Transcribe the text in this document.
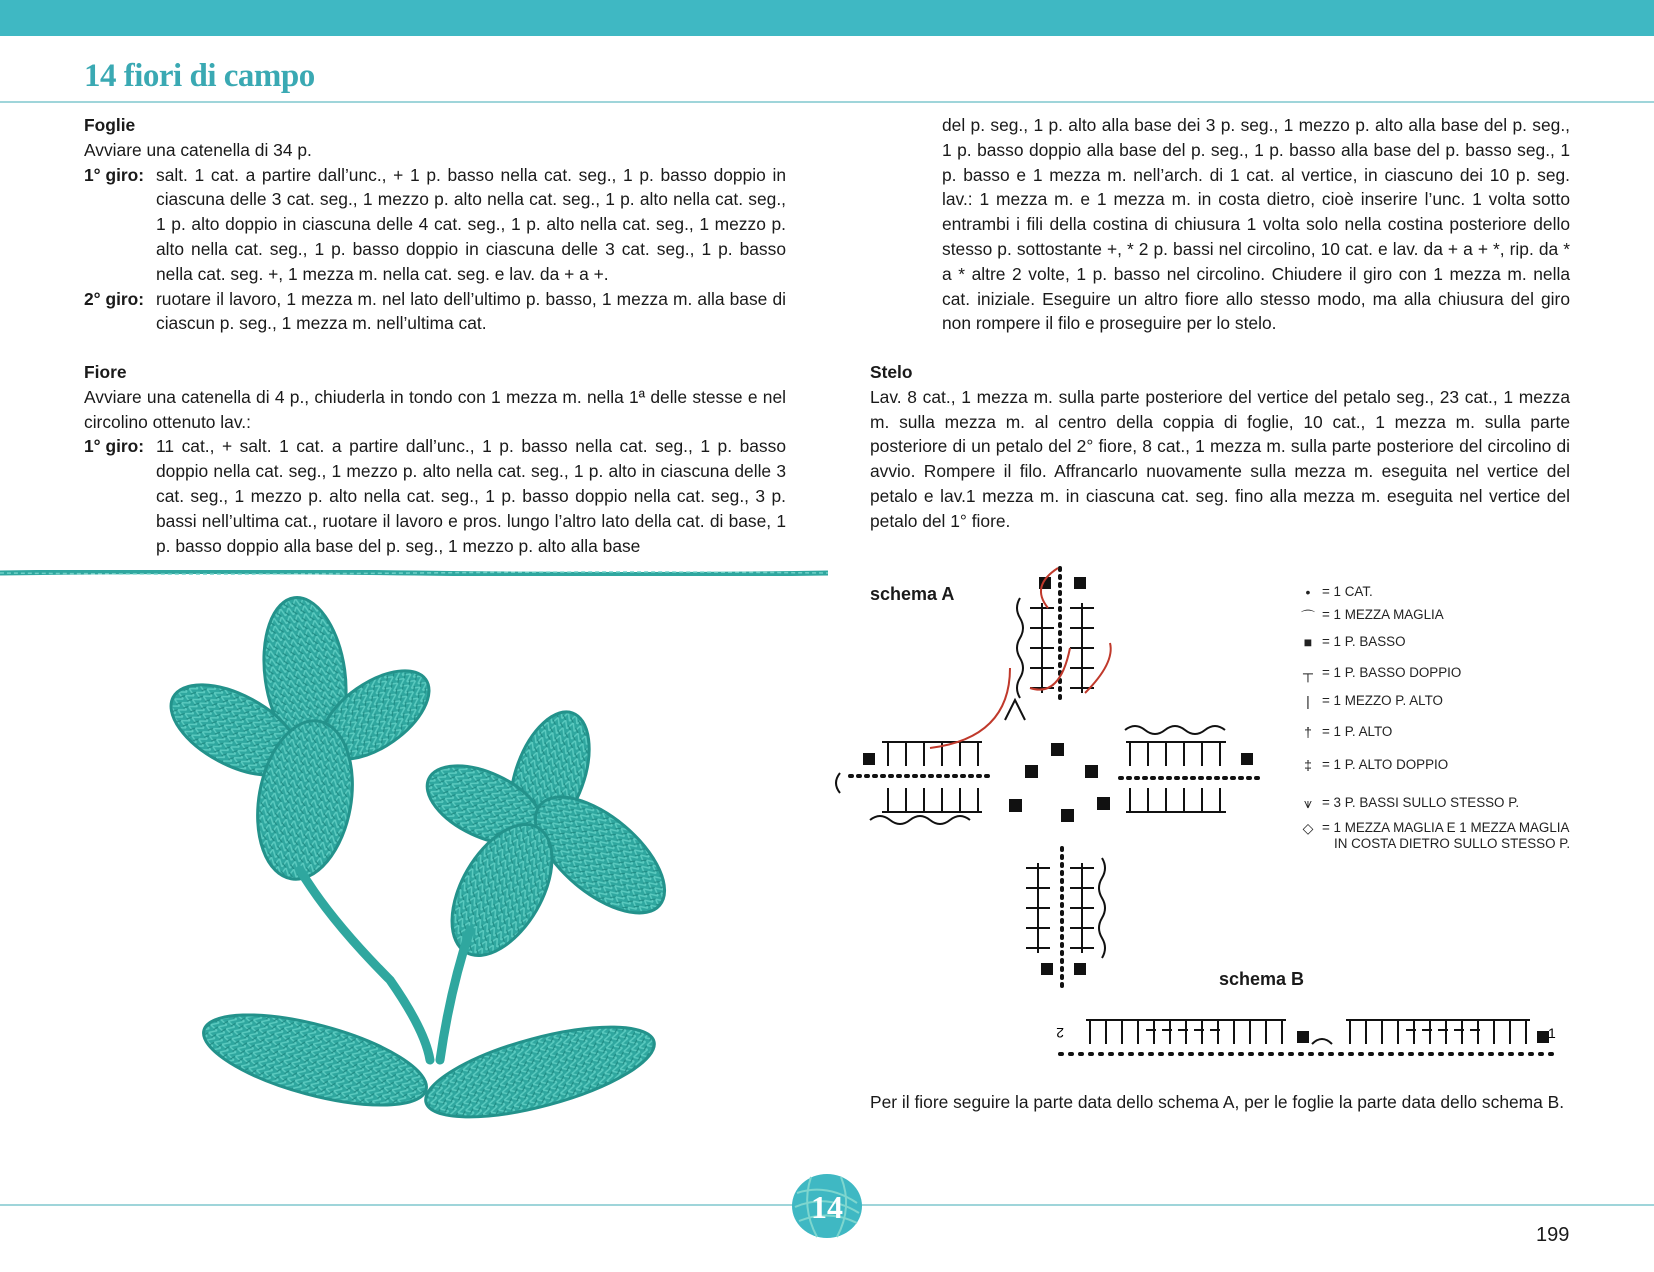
14 fiori di campo

Foglie

Avviare una catenella di 34 p.

1° giro: salt. 1 cat. a partire dall’unc., + 1 p. basso nella cat. seg., 1 p. basso doppio in ciascuna delle 3 cat. seg., 1 mezzo p. alto nella cat. seg., 1 p. alto nella cat. seg., 1 p. alto doppio in ciascuna delle 4 cat. seg., 1 p. alto nella cat. seg., 1 mezzo p. alto nella cat. seg., 1 p. basso doppio in ciascuna delle 3 cat. seg., 1 p. basso nella cat. seg. +, 1 mezza m. nella cat. seg. e lav. da + a +.
2° giro: ruotare il lavoro, 1 mezza m. nel lato dell’ultimo p. basso, 1 mezza m. alla base di ciascun p. seg., 1 mezza m. nell’ultima cat.

Fiore

Avviare una catenella di 4 p., chiuderla in tondo con 1 mezza m. nella 1ª delle stesse e nel circolino ottenuto lav.:

1° giro: 11 cat., + salt. 1 cat. a partire dall’unc., 1 p. basso nella cat. seg., 1 p. basso doppio nella cat. seg., 1 mezzo p. alto nella cat. seg., 1 p. alto in ciascuna delle 3 cat. seg., 1 mezzo p. alto nella cat. seg., 1 p. basso doppio nella cat. seg., 3 p. bassi nell’ultima cat., ruotare il lavoro e pros. lungo l’altro lato della cat. di base, 1 p. basso doppio alla base del p. seg., 1 mezzo p. alto alla base
del p. seg., 1 p. alto alla base dei 3 p. seg., 1 mezzo p. alto alla base del p. seg., 1 p. basso doppio alla base del p. seg., 1 p. basso alla base del p. basso seg., 1 p. basso e 1 mezza m. nell’arch. di 1 cat. al vertice, in ciascuno dei 10 p. seg. lav.: 1 mezza m. e 1 mezza m. in costa dietro, cioè inserire l’unc. 1 volta sotto entrambi i fili della costina di chiusura 1 volta solo nella costina posteriore dello stesso p. sottostante +, * 2 p. bassi nel circolino, 10 cat. e lav. da + a + *, rip. da * a * altre 2 volte, 1 p. basso nel circolino. Chiudere il giro con 1 mezza m. nella cat. iniziale. Eseguire un altro fiore allo stesso modo, ma alla chiusura del giro non rompere il filo e proseguire per lo stelo.

Stelo

Lav. 8 cat., 1 mezza m. sulla parte posteriore del vertice del petalo seg., 23 cat., 1 mezza m. sulla mezza m. al centro della coppia di foglie, 10 cat., 1 mezza m. sulla parte posteriore di un petalo del 2° fiore, 8 cat., 1 mezza m. sulla parte posteriore del circolino di avvio. Rompere il filo. Affrancarlo nuovamente sulla mezza m. eseguita nel vertice del petalo e lav.1 mezza m. in ciascuna cat. seg. fino alla mezza m. eseguita nel vertice del petalo del 1° fiore.

schema A
schema B
1
2
• = 1 CAT.
⌒ = 1 MEZZA MAGLIA
■ = 1 P. BASSO
┬ = 1 P. BASSO DOPPIO
| = 1 MEZZO P. ALTO
† = 1 P. ALTO
‡ = 1 P. ALTO DOPPIO
⩛ = 3 P. BASSI SULLO STESSO P.
◇ = 1 MEZZA MAGLIA E 1 MEZZA MAGLIA
IN COSTA DIETRO SULLO STESSO P.
Per il fiore seguire la parte data dello schema A, per le foglie la parte data dello schema B.
14
199
